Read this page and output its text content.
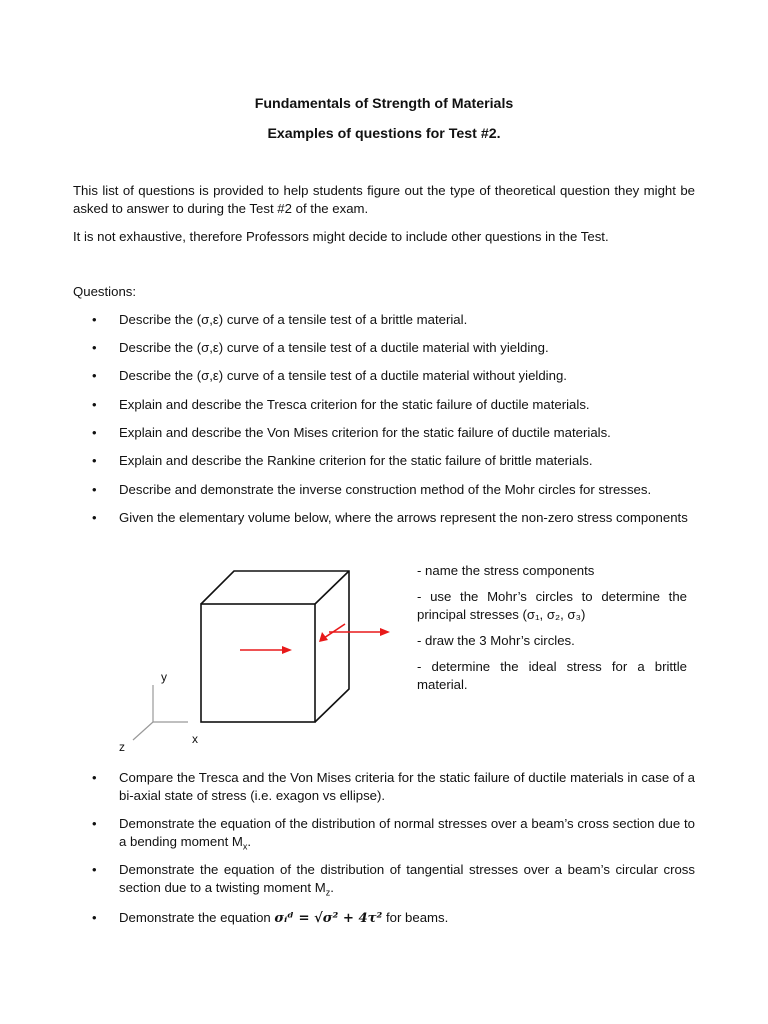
Fundamentals of Strength of Materials
Examples of questions for Test #2.
This list of questions is provided to help students figure out the type of theoretical question they might be asked to answer to during the Test #2 of the exam.
It is not exhaustive, therefore Professors might decide to include other questions in the Test.
Questions:
• Describe the (σ,ε) curve of a tensile test of a brittle material.
• Describe the (σ,ε) curve of a tensile test of a ductile material with yielding.
• Describe the (σ,ε) curve of a tensile test of a ductile material without yielding.
• Explain and describe the Tresca criterion for the static failure of ductile materials.
• Explain and describe the Von Mises criterion for the static failure of ductile materials.
• Explain and describe the Rankine criterion for the static failure of brittle materials.
• Describe and demonstrate the inverse construction method of the Mohr circles for stresses.
• Given the elementary volume below, where the arrows represent the non-zero stress components
y
x
z
- name the stress components
- use the Mohr’s circles to determine the principal stresses (σ₁, σ₂, σ₃)
- draw the 3 Mohr’s circles.
- determine the ideal stress for a brittle material.
• Compare the Tresca and the Von Mises criteria for the static failure of ductile materials in case of a bi-axial state of stress (i.e. exagon vs ellipse).
• Demonstrate the equation of the distribution of normal stresses over a beam’s cross section due to a bending moment $M_x$.
• Demonstrate the equation of the distribution of tangential stresses over a beam’s circular cross section due to a twisting moment $M_z$.
• Demonstrate the equation σᵢᵈ = √σ² + 4τ² for beams.
